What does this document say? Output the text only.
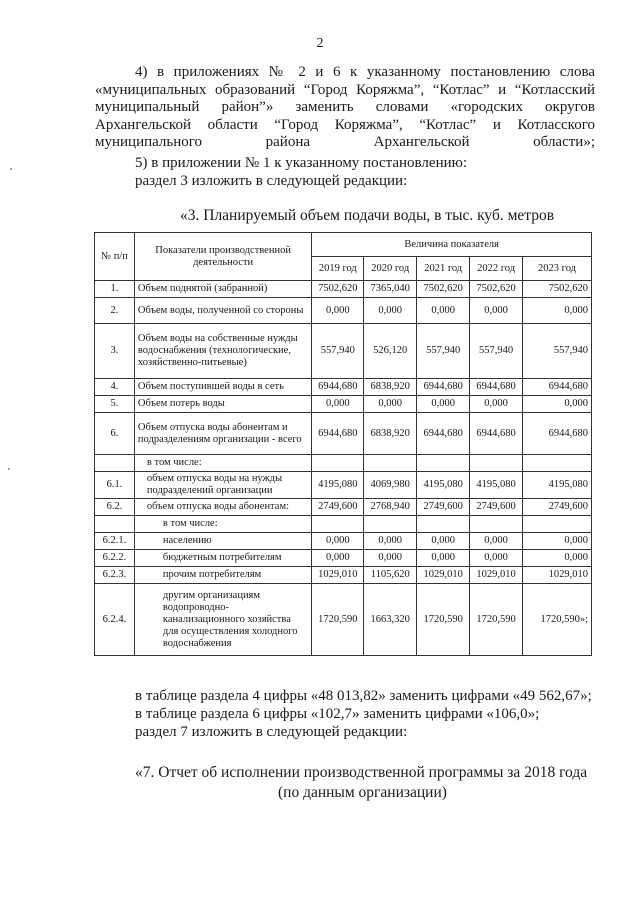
2
4) в приложениях № 2 и 6 к указанному постановлению слова «муниципальных образований “Город Коряжма”, “Котлас” и “Котласский муниципальный район”» заменить словами «городских округов Архангельской области “Город Коряжма”, “Котлас” и Котласского муниципального района Архангельской области»;
5) в приложении № 1 к указанному постановлению:
раздел 3 изложить в следующей редакции:
«3. Планируемый объем подачи воды, в тыс. куб. метров
№ п/п	Показатели производственной деятельности	Величина показателя				
		2019 год	2020 год	2021 год	2022 год	2023 год
1.	Объем поднятой (забранной)	7502,620	7365,040	7502,620	7502,620	7502,620
2.	Объем воды, полученной со стороны	0,000	0,000	0,000	0,000	0,000
3.	Объем воды на собственные нужды водоснабжения (технологические, хозяйственно-питьевые)	557,940	526,120	557,940	557,940	557,940
4.	Объем поступившей воды в сеть	6944,680	6838,920	6944,680	6944,680	6944,680
5.	Объем потерь воды	0,000	0,000	0,000	0,000	0,000
6.	Объем отпуска воды абонентам и подразделениям организации - всего	6944,680	6838,920	6944,680	6944,680	6944,680
	в том числе:					
6.1.	объем отпуска воды на нужды подразделений организации	4195,080	4069,980	4195,080	4195,080	4195,080
6.2.	объем отпуска воды абонентам:	2749,600	2768,940	2749,600	2749,600	2749,600
	в том числе:					
6.2.1.	населению	0,000	0,000	0,000	0,000	0,000
6.2.2.	бюджетным потребителям	0,000	0,000	0,000	0,000	0,000
6.2.3.	прочим потребителям	1029,010	1105,620	1029,010	1029,010	1029,010
6.2.4.	другим организациям водопроводно-канализационного хозяйства для осуществления холодного водоснабжения	1720,590	1663,320	1720,590	1720,590	1720,590»;
в таблице раздела 4 цифры «48 013,82» заменить цифрами «49 562,67»;
в таблице раздела 6 цифры «102,7» заменить цифрами «106,0»;
раздел 7 изложить в следующей редакции:
«7. Отчет об исполнении производственной программы за 2018 года
(по данным организации)
